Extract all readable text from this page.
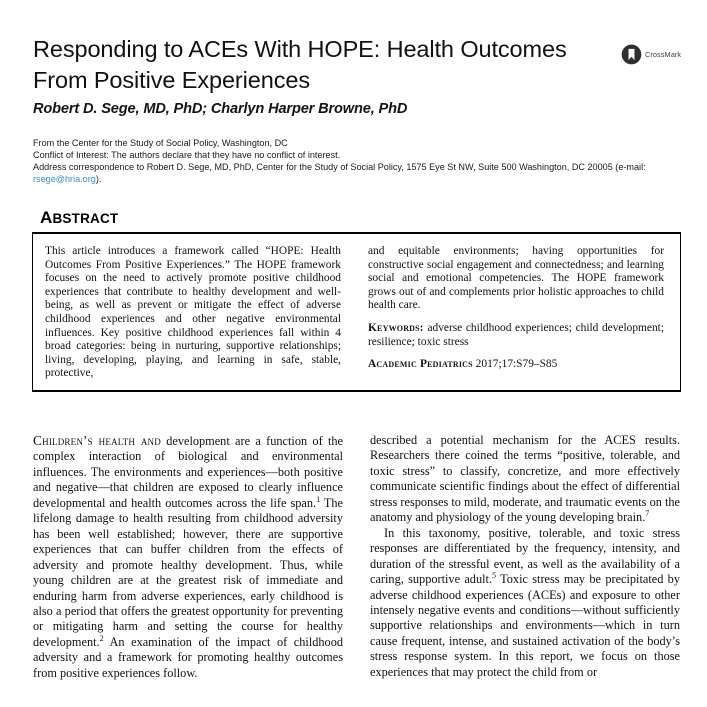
Responding to ACEs With HOPE: Health Outcomes From Positive Experiences
Robert D. Sege, MD, PhD; Charlyn Harper Browne, PhD
CrossMark

From the Center for the Study of Social Policy, Washington, DC

Conflict of Interest: The authors declare that they have no conflict of interest.

Address correspondence to Robert D. Sege, MD, PhD, Center for the Study of Social Policy, 1575 Eye St NW, Suite 500 Washington, DC 20005 (e-mail: rsege@hria.org).

ABSTRACT

This article introduces a framework called “HOPE: Health Outcomes From Positive Experiences.” The HOPE framework focuses on the need to actively promote positive childhood experiences that contribute to healthy development and well-being, as well as prevent or mitigate the effect of adverse childhood experiences and other negative environmental influences. Key positive childhood experiences fall within 4 broad categories: being in nurturing, supportive relationships; living, developing, playing, and learning in safe, stable, protective,

and equitable environments; having opportunities for constructive social engagement and connectedness; and learning social and emotional competencies. The HOPE framework grows out of and complements prior holistic approaches to child health care.

Keywords: adverse childhood experiences; child development; resilience; toxic stress

Academic Pediatrics 2017;17:S79–S85

Children’s health and development are a function of the complex interaction of biological and environmental influences. The environments and experiences—both positive and negative—that children are exposed to clearly influence developmental and health outcomes across the life span.$^1$ The lifelong damage to health resulting from childhood adversity has been well established; however, there are supportive experiences that can buffer children from the effects of adversity and promote healthy development. Thus, while young children are at the greatest risk of immediate and enduring harm from adverse experiences, early childhood is also a period that offers the greatest opportunity for preventing or mitigating harm and setting the course for healthy development.$^2$ An examination of the impact of childhood adversity and a framework for promoting healthy outcomes from positive experiences follow.

described a potential mechanism for the ACES results. Researchers there coined the terms “positive, tolerable, and toxic stress” to classify, concretize, and more effectively communicate scientific findings about the effect of differential stress responses to mild, moderate, and traumatic events on the anatomy and physiology of the young developing brain.$^7$

In this taxonomy, positive, tolerable, and toxic stress responses are differentiated by the frequency, intensity, and duration of the stressful event, as well as the availability of a caring, supportive adult.$^5$ Toxic stress may be precipitated by adverse childhood experiences (ACEs) and exposure to other intensely negative events and conditions—without sufficiently supportive relationships and environments—which in turn cause frequent, intense, and sustained activation of the body’s stress response system. In this report, we focus on those experiences that may protect the child from or
